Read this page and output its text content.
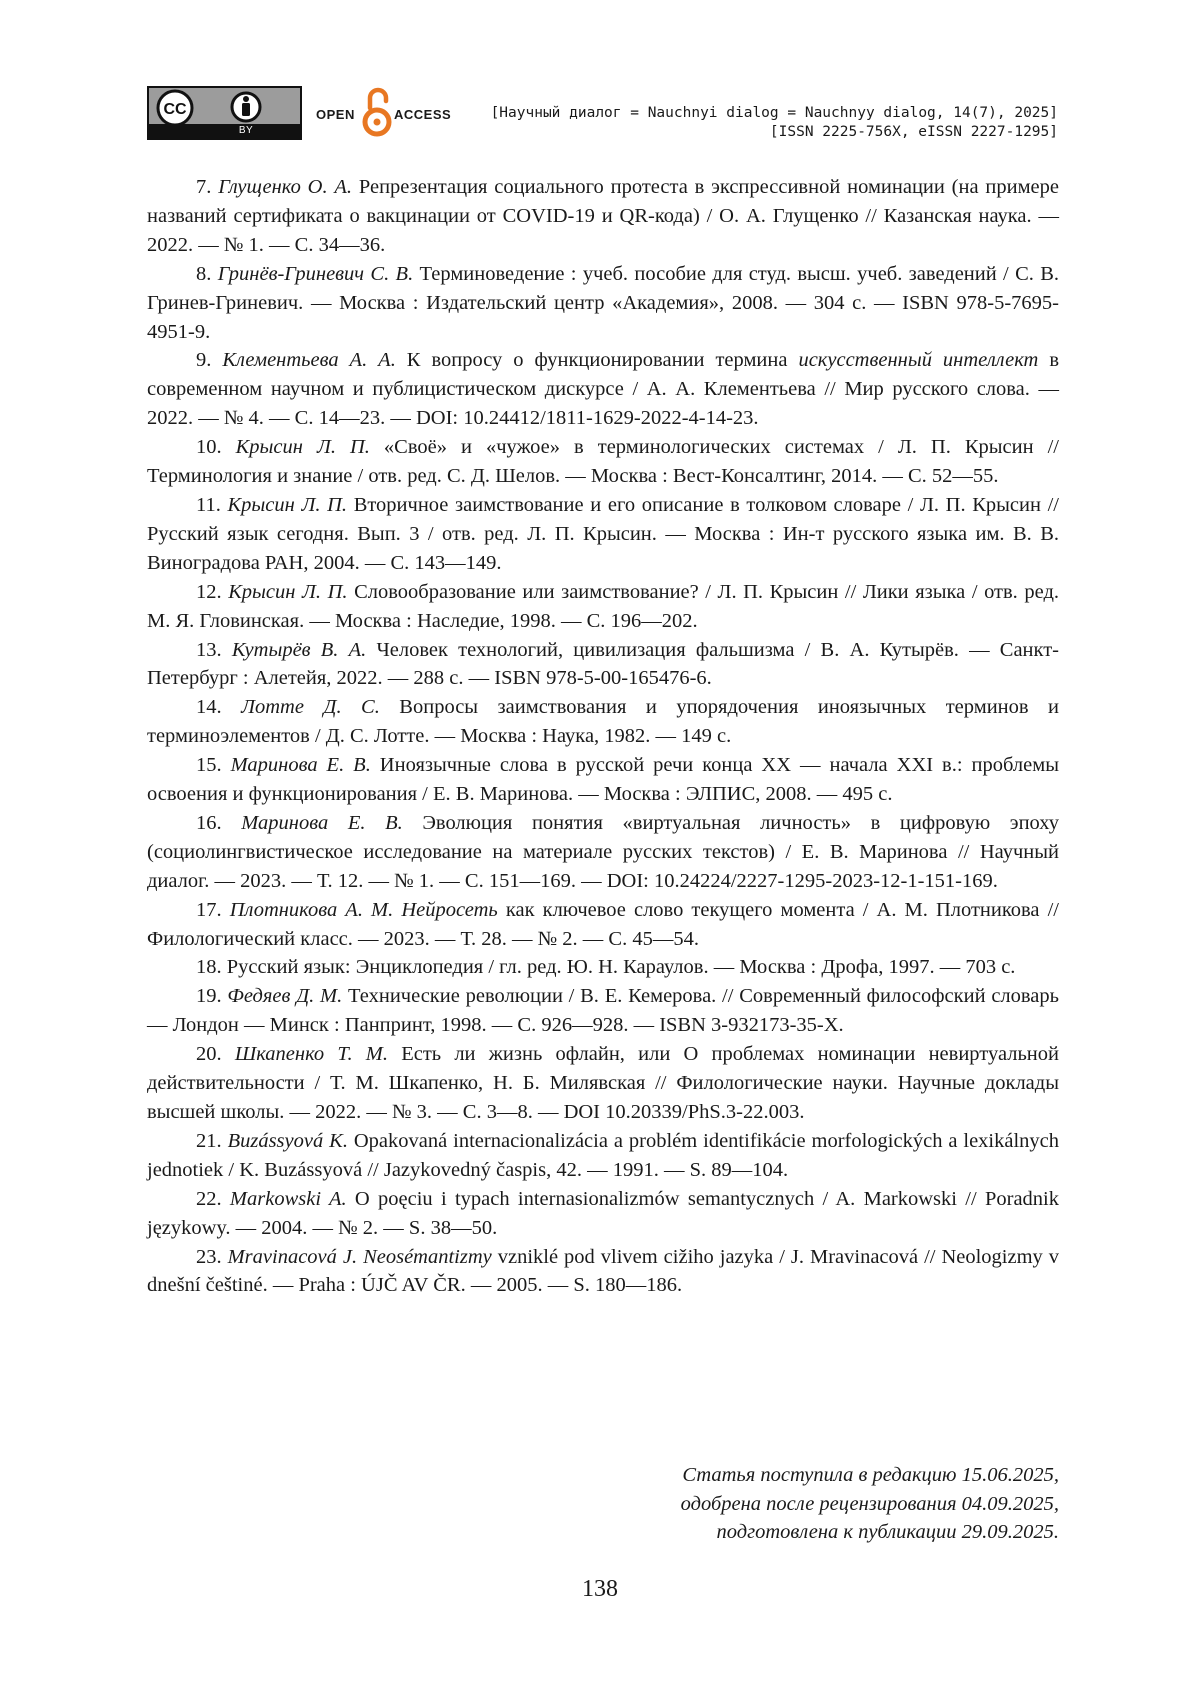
CC
BY
OPEN	ACCESS	[Научный диалог = Nauchnyi dialog = Nauchnyy dialog, 14(7), 2025]
[ISSN 2225-756X, eISSN 2227-1295]

7. Глущенко О. А. Репрезентация социального протеста в экспрессивной номинации (на примере названий сертификата о вакцинации от COVID-19 и QR-кода) / О. А. Глущенко // Казанская наука. — 2022. — № 1. — С. 34—36.

8. Гринёв-Гриневич С. В. Терминоведение : учеб. пособие для студ. высш. учеб. заведений / С. В. Гринев-Гриневич. — Москва : Издательский центр «Академия», 2008. — 304 с. — ISBN 978-5-7695-4951-9.

9. Клементьева А. А. К вопросу о функционировании термина искусственный интеллект в современном научном и публицистическом дискурсе / А. А. Клементьева // Мир русского слова. — 2022. — № 4. — С. 14—23. — DOI: 10.24412/1811-1629-2022-4-14-23.

10. Крысин Л. П. «Своё» и «чужое» в терминологических системах / Л. П. Крысин // Терминология и знание / отв. ред. С. Д. Шелов. — Москва : Вест-Консалтинг, 2014. — С. 52—55.

11. Крысин Л. П. Вторичное заимствование и его описание в толковом словаре / Л. П. Крысин // Русский язык сегодня. Вып. 3 / отв. ред. Л. П. Крысин. — Москва : Ин-т русского языка им. В. В. Виноградова РАН, 2004. — С. 143—149.

12. Крысин Л. П. Словообразование или заимствование? / Л. П. Крысин // Лики языка / отв. ред. М. Я. Гловинская. — Москва : Наследие, 1998. — С. 196—202.

13. Кутырёв В. А. Человек технологий, цивилизация фальшизма / В. А. Кутырёв. — Санкт-Петербург : Алетейя, 2022. — 288 с. — ISBN 978-5-00-165476-6.

14. Лотте Д. С. Вопросы заимствования и упорядочения иноязычных терминов и терминоэлементов / Д. С. Лотте. — Москва : Наука, 1982. — 149 с.

15. Маринова Е. В. Иноязычные слова в русской речи конца XX — начала XXI в.: проблемы освоения и функционирования / Е. В. Маринова. — Москва : ЭЛПИС, 2008. — 495 с.

16. Маринова Е. В. Эволюция понятия «виртуальная личность» в цифровую эпоху (социолингвистическое исследование на материале русских текстов) / Е. В. Маринова // Научный диалог. — 2023. — Т. 12. — № 1. — С. 151—169. — DOI: 10.24224/2227-1295-2023-12-1-151-169.

17. Плотникова А. М. Нейросеть как ключевое слово текущего момента / А. М. Плотникова // Филологический класс. — 2023. — Т. 28. — № 2. — С. 45—54.

18. Русский язык: Энциклопедия / гл. ред. Ю. Н. Караулов. — Москва : Дрофа, 1997. — 703 с.

19. Федяев Д. М. Технические революции / В. Е. Кемерова. // Современный философский словарь — Лондон — Минск : Панпринт, 1998. — С. 926—928. — ISBN 3-932173-35-X.

20. Шкапенко Т. М. Есть ли жизнь офлайн, или О проблемах номинации невиртуальной действительности / Т. М. Шкапенко, Н. Б. Милявская // Филологические науки. Научные доклады высшей школы. — 2022. — № 3. — С. 3—8. — DOI 10.20339/PhS.3-22.003.

21. Buzássyová K. Opakovaná internacionalizácia a problém identifikácie morfologických a lexikálnych jednotiek / K. Buzássyová // Jazykovedný časpis, 42. — 1991. — S. 89—104.

22. Markowski A. O poęciu i typach internasionalizmów semantycznych / A. Markowski // Poradnik językowy. — 2004. — № 2. — S. 38—50.

23. Mravinacová J. Neosémantizmy vzniklé pod vlivem cižiho jazyka / J. Mravinacová // Neologizmy v dnešní češtiné. — Praha : ÚJČ AV ČR. — 2005. — S. 180—186.

Статья поступила в редакцию 15.06.2025,
одобрена после рецензирования 04.09.2025,
подготовлена к публикации 29.09.2025.
138
